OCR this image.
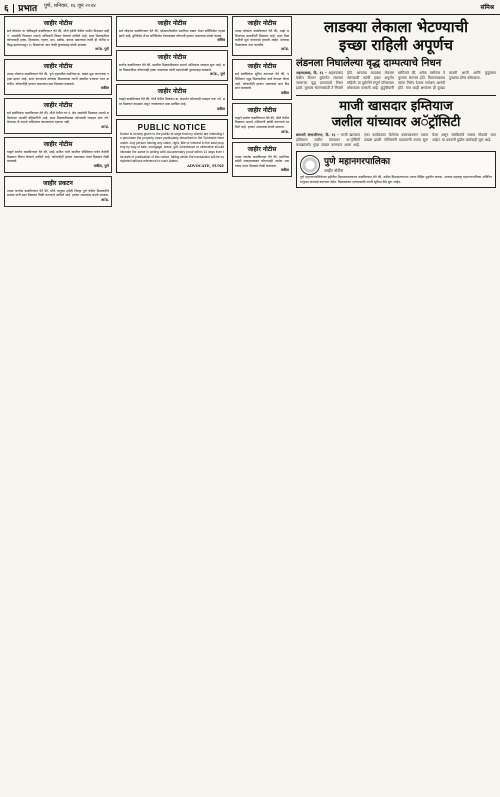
६ | प्रभात पुणे, शनिवार, १६ जून २०२४	संमिश्र
जाहीर नोटीस
सर्व लोकांना या नोटीसद्वारे कळविण्यात येते की, मौजे हवेली येथील जमीन मिळकत सर्व्हे नं. असलेली मिळकत आमचे अशिलांनी विकत घेण्याचे ठरविले आहे. सदर मिळकतीवर कोणाचाही हक्क, हितसंबंध, गहाण, दान, बक्षीस, वारसा असल्यास त्यांनी ही नोटीस प्रसिद्ध झाल्यापासून १५ दिवसांच्या आत लेखी पुराव्यासह संपर्क साधावा.
अॅड. पुणे
जाहीर नोटीस
तमाम लोकांना कळविण्यात येते की, पुणे शहरातील सदनिका क्र. बाबत मूळ करारनामा गहाळ झाला आहे. सदर कागदपत्रे कोणास मिळाल्यास त्यांनी खालील पत्त्यावर परत करावीत. कोणाचीही हरकत असल्यास सात दिवसांत कळवावे.
वकील
जाहीर नोटीस
सर्व संबंधितांना कळविण्यात येते की, मौजे येथील गट नं. क्षेत्र असलेली मिळकत आमचे अशिलांच्या मालकी वहिवाटीची आहे. सदर मिळकतीबाबत कोणताही व्यवहार करू नये. केल्यास तो आमचे अशिलांवर बंधनकारक राहणार नाही.
अॅड.
जाहीर नोटीस
याद्वारे सर्वांना कळविण्यात येते की, माझे अशील यांनी खालील परिशिष्टात वर्णन केलेली मिळकत विकत घेण्याचे ठरविले आहे. कोणाचीही हरकत असल्यास पंधरा दिवसांत लेखी कळवावे.
वकील, पुणे
जाहीर प्रकटन
तमाम जनतेस कळविण्यात येते की, मौजे तालुका हवेली जिल्हा पुणे येथील मिळकतीचे मालक यांनी सदर मिळकत विक्री करण्याचे ठरविले आहे. हरकत असल्यास संपर्क साधावा.
अॅड.
जाहीर नोटीस
सर्व लोकांना कळविण्यात येते की, सोसायटीमधील सदनिका बाबत शेअर सर्टिफिकेट गहाळ झाले आहे. डुप्लिकेट शेअर सर्टिफिकेट देण्याबाबत कोणाची हरकत असल्यास संपर्क करावा.
सचिव
जाहीर नोटीस
सर्वांना कळविण्यात येते की, खालील मिळकतीबाबत आमचे अशिलांचा व्यवहार सुरू आहे. सदर मिळकतीवर कोणाचाही हक्क असल्यास त्यांनी कागदोपत्री पुराव्यासह कळवावे.
अॅड., पुणे
जाहीर नोटीस
याद्वारे कळविण्यात येते की, मौजे येथील मिळकत क्र. संदर्भात कोणताही व्यवहार करू नये. सदर मिळकत वादग्रस्त असून न्यायालयात दावा प्रलंबित आहे.
वकील
PUBLIC NOTICE
Notice is hereby given to the public at large that my clients are intending to purchase the property more particularly described in the Schedule hereunder. Any person having any claim, right, title or interest in the said property by way of sale, mortgage, lease, gift, inheritance or otherwise should intimate the same in writing with documentary proof within 14 days from the date of publication of this notice, failing which the transaction will be completed without reference to such claims.
ADVOCATE, PUNE
जाहीर नोटीस
तमाम लोकांना कळविण्यात येते की, माझे अशिलांच्या मालकीची मिळकत आहे. सदर मिळकतीची मूळ कागदपत्रे हरवली आहेत. कोणास मिळाल्यास परत करावीत.
अॅड.
जाहीर नोटीस
सर्व संबंधितांना सूचित करण्यात येते की, परिशिष्टात नमूद मिळकतीवर कर्ज घेण्यात येणार आहे. कोणाचीही हरकत असल्यास सात दिवसांत कळवावी.
वकील
जाहीर नोटीस
याद्वारे सर्वांना कळविण्यात येते की, मौजे येथील मिळकत आमचे अशिलांनी खरेदी करण्याचे ठरविले आहे. हरकत असल्यास संपर्क साधावा.
अॅड.
जाहीर नोटीस
तमाम जनतेस कळविण्यात येते की, सदनिका खरेदी व्यवहाराबाबत कोणाचाही आक्षेप असल्यास पंधरा दिवसांत लेखी कळवावा.
वकील
लाडक्या लेकाला भेटण्याची
इच्छा राहिली अपूर्णच
लंडनला निघालेल्या वृद्ध दाम्पत्याचे निधन
अहमदाबाद, दि. १३ – अहमदाबाद येथील विमान दुर्घटनेत लंडनला जाणाऱ्या वृद्ध दाम्पत्याचे निधन झाले. मुलाला भेटण्यासाठी ते निघाले होते. आपल्या लाडक्या लेकाला भेटण्याची त्यांची इच्छा अपूर्णच राहिली. या दुर्घटनेने संपूर्ण परिसरावर शोककळा पसरली आहे. कुटुंबीयांनी सांगितले की, अनेक वर्षांनंतर ते मुलाला भेटणार होते. विमानतळावर त्यांना निरोप देताना सर्वजण आनंदी होते. मात्र काही क्षणांतच ही दुःखद बातमी आली आणि कुटुंबावर दुःखाचा डोंगर कोसळला.
माजी खासदार इम्तियाज
जलील यांच्यावर अॅट्रॉसिटी
छत्रपती संभाजीनगर, दि. १३ – माजी खासदार इम्तियाज जलील यांच्यावर अॅट्रॉसिटी कायद्यांतर्गत गुन्हा दाखल करण्यात आला आहे. एका कार्यक्रमात केलेल्या वक्तव्यावरून तक्रार दाखल झाली. पोलिसांनी याप्रकरणी तपास सुरू केला असून संबंधितांचे जबाब नोंदवले जात आहेत. या प्रकरणी पुढील कार्यवाही सुरू आहे.
पुणे महानगरपालिका
जाहीर नोटीस
पुणे महानगरपालिकेच्या हद्दीतील मिळकतधारकांना कळविण्यात येते की, थकीत मिळकतकराचा भरणा विहित मुदतीत करावा. अन्यथा महाराष्ट्र महानगरपालिका अधिनियमानुसार कारवाई करण्यात येईल. मिळकतकर भरण्यासाठी नागरी सुविधा केंद्रे सुरू आहेत.
